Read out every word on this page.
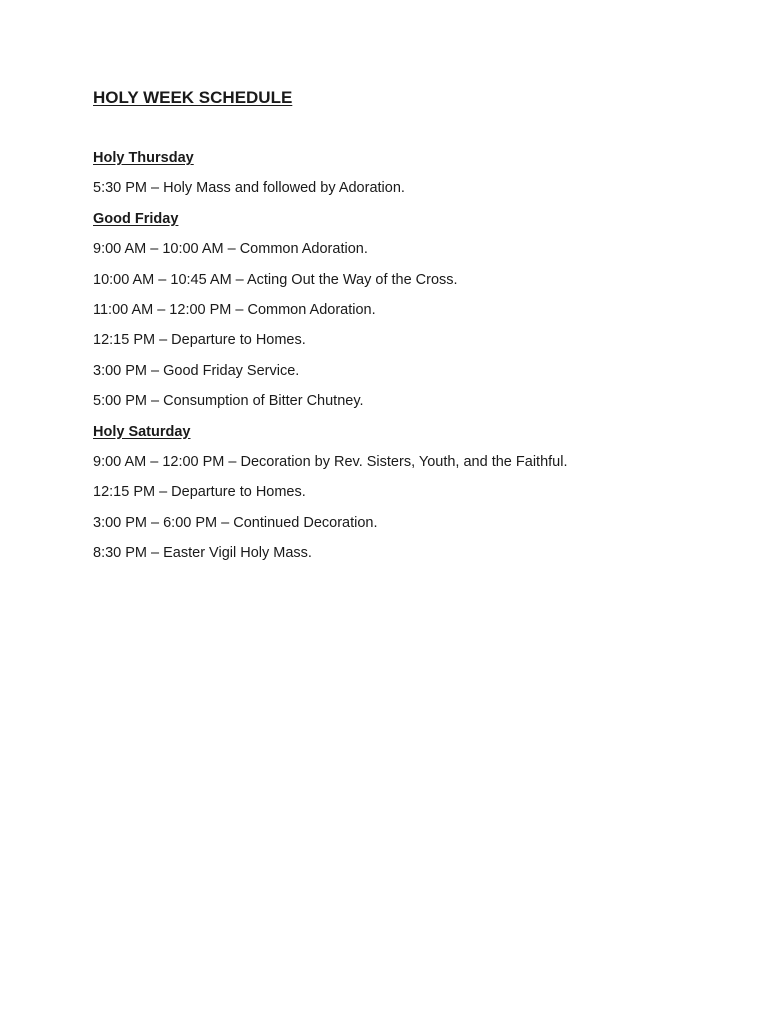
HOLY WEEK SCHEDULE
Holy Thursday
5:30 PM – Holy Mass and followed by Adoration.
Good Friday
9:00 AM – 10:00 AM – Common Adoration.
10:00 AM – 10:45 AM – Acting Out the Way of the Cross.
11:00 AM – 12:00 PM – Common Adoration.
12:15 PM – Departure to Homes.
3:00 PM – Good Friday Service.
5:00 PM – Consumption of Bitter Chutney.
Holy Saturday
9:00 AM – 12:00 PM – Decoration by Rev. Sisters, Youth, and the Faithful.
12:15 PM – Departure to Homes.
3:00 PM – 6:00 PM – Continued Decoration.
8:30 PM – Easter Vigil Holy Mass.
